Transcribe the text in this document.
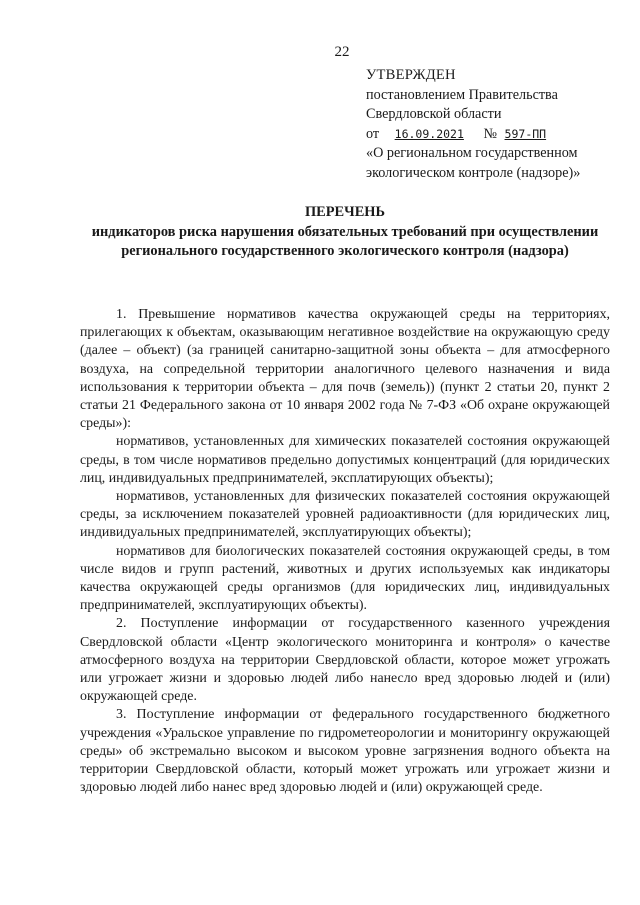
22
УТВЕРЖДЕН
постановлением Правительства
Свердловской области
от 16.09.2021 № 597-ПП
«О региональном государственном экологическом контроле (надзоре)»
ПЕРЕЧЕНЬ
индикаторов риска нарушения обязательных требований при осуществлении регионального государственного экологического контроля (надзора)

1. Превышение нормативов качества окружающей среды на территориях, прилегающих к объектам, оказывающим негативное воздействие на окружающую среду (далее – объект) (за границей санитарно-защитной зоны объекта – для атмосферного воздуха, на сопредельной территории аналогичного целевого назначения и вида использования к территории объекта – для почв (земель)) (пункт 2 статьи 20, пункт 2 статьи 21 Федерального закона от 10 января 2002 года № 7-ФЗ «Об охране окружающей среды»):

нормативов, установленных для химических показателей состояния окружающей среды, в том числе нормативов предельно допустимых концентраций (для юридических лиц, индивидуальных предпринимателей, эксплатирующих объекты);

нормативов, установленных для физических показателей состояния окружающей среды, за исключением показателей уровней радиоактивности (для юридических лиц, индивидуальных предпринимателей, эксплуатирующих объекты);

нормативов для биологических показателей состояния окружающей среды, в том числе видов и групп растений, животных и других используемых как индикаторы качества окружающей среды организмов (для юридических лиц, индивидуальных предпринимателей, эксплуатирующих объекты).

2. Поступление информации от государственного казенного учреждения Свердловской области «Центр экологического мониторинга и контроля» о качестве атмосферного воздуха на территории Свердловской области, которое может угрожать или угрожает жизни и здоровью людей либо нанесло вред здоровью людей и (или) окружающей среде.

3. Поступление информации от федерального государственного бюджетного учреждения «Уральское управление по гидрометеорологии и мониторингу окружающей среды» об экстремально высоком и высоком уровне загрязнения водного объекта на территории Свердловской области, который может угрожать или угрожает жизни и здоровью людей либо нанес вред здоровью людей и (или) окружающей среде.
